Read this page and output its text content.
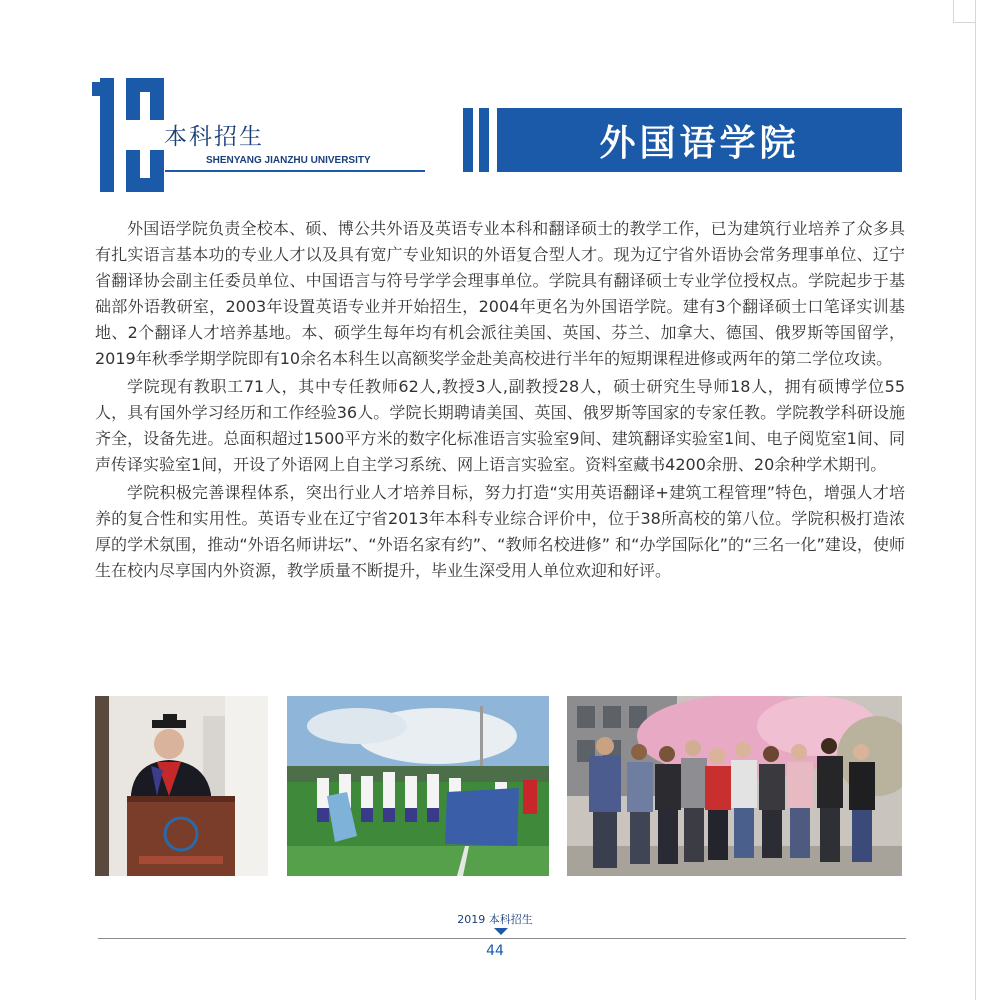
本科招生
SHENYANG JIANZHU UNIVERSITY	外国语学院

外国语学院负责全校本、硕、博公共外语及英语专业本科和翻译硕士的教学工作，已为建筑行业培养了众多具有扎实语言基本功的专业人才以及具有宽广专业知识的外语复合型人才。现为辽宁省外语协会常务理事单位、辽宁省翻译协会副主任委员单位、中国语言与符号学学会理事单位。学院具有翻译硕士专业学位授权点。学院起步于基础部外语教研室，2003年设置英语专业并开始招生，2004年更名为外国语学院。建有3个翻译硕士口笔译实训基地、2个翻译人才培养基地。本、硕学生每年均有机会派往美国、英国、芬兰、加拿大、德国、俄罗斯等国留学，2019年秋季学期学院即有10余名本科生以高额奖学金赴美高校进行半年的短期课程进修或两年的第二学位攻读。

学院现有教职工71人，其中专任教师62人,教授3人,副教授28人，硕士研究生导师18人，拥有硕博学位55人，具有国外学习经历和工作经验36人。学院长期聘请美国、英国、俄罗斯等国家的专家任教。学院教学科研设施齐全，设备先进。总面积超过1500平方米的数字化标准语言实验室9间、建筑翻译实验室1间、电子阅览室1间、同声传译实验室1间，开设了外语网上自主学习系统、网上语言实验室。资料室藏书4200余册、20余种学术期刊。

学院积极完善课程体系，突出行业人才培养目标，努力打造“实用英语翻译+建筑工程管理”特色，增强人才培养的复合性和实用性。英语专业在辽宁省2013年本科专业综合评价中，位于38所高校的第八位。学院积极打造浓厚的学术氛围，推动“外语名师讲坛”、“外语名家有约”、“教师名校进修” 和“办学国际化”的“三名一化”建设，使师生在校内尽享国内外资源，教学质量不断提升，毕业生深受用人单位欢迎和好评。

2019 本科招生
44
